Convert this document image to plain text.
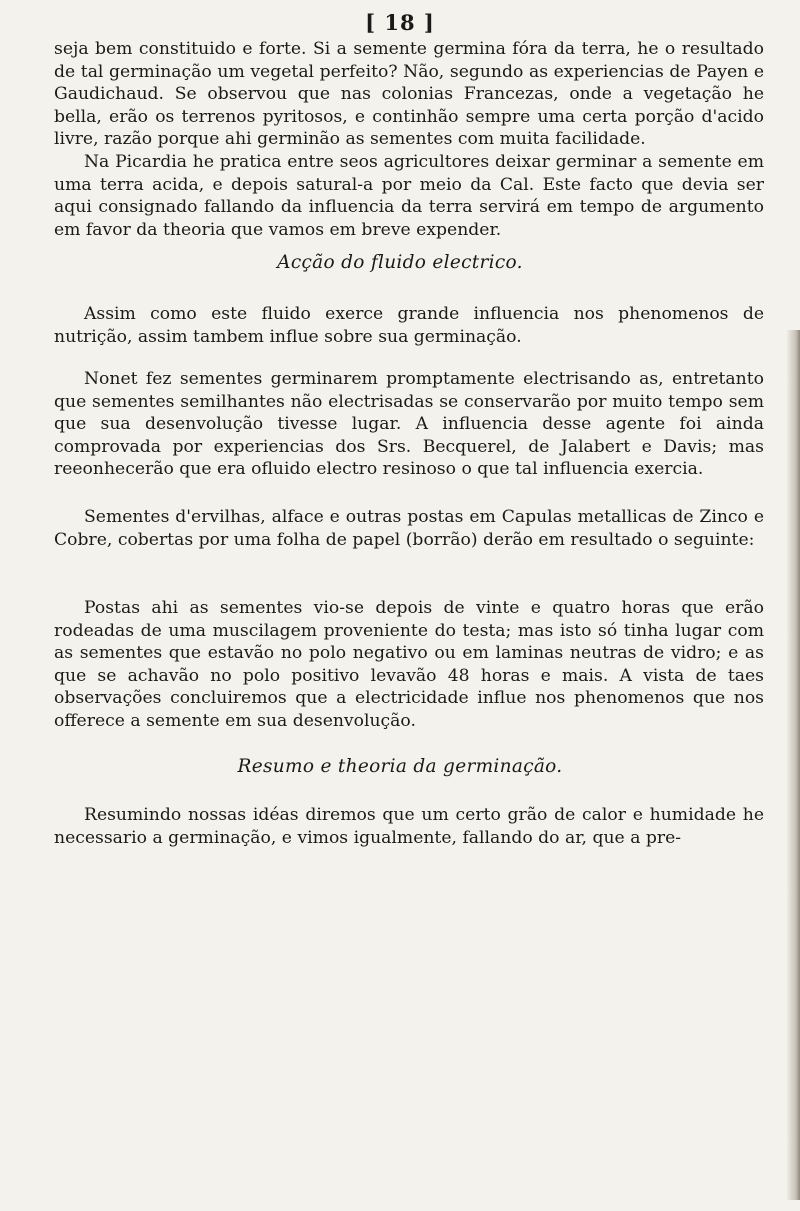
[ 18 ]

seja bem constituido e forte. Si a semente germina fóra da terra, he o resultado de tal germinação um vegetal perfeito? Não, segundo as experiencias de Payen e Gaudichaud. Se observou que nas colonias Francezas, onde a vegetação he bella, erão os terrenos pyritosos, e continhão sempre uma certa porção d'acido livre, razão porque ahi germinão as sementes com muita facilidade.

Na Picardia he pratica entre seos agricultores deixar germinar a semente em uma terra acida, e depois satural-a por meio da Cal. Este facto que devia ser aqui consignado fallando da influencia da terra servirá em tempo de argumento em favor da theoria que vamos em breve expender.

Acção do fluido electrico.

Assim como este fluido exerce grande influencia nos phenomenos de nutrição, assim tambem influe sobre sua germinação.

Nonet fez sementes germinarem promptamente electrisando as, entretanto que sementes semilhantes não electrisadas se conservarão por muito tempo sem que sua desenvolução tivesse lugar. A influencia desse agente foi ainda comprovada por experiencias dos Srs. Becquerel, de Jalabert e Davis; mas reeonhecerão que era ofluido electro resinoso o que tal influencia exercia.

Sementes d'ervilhas, alface e outras postas em Capulas metallicas de Zinco e Cobre, cobertas por uma folha de papel (borrão) derão em resultado o seguinte:

Postas ahi as sementes vio-se depois de vinte e quatro horas que erão rodeadas de uma muscilagem proveniente do testa; mas isto só tinha lugar com as sementes que estavão no polo negativo ou em laminas neutras de vidro; e as que se achavão no polo positivo levavão 48 horas e mais. A vista de taes observações concluiremos que a electricidade influe nos phenomenos que nos offerece a semente em sua desenvolução.

Resumo e theoria da germinação.

Resumindo nossas idéas diremos que um certo grão de calor e humidade he necessario a germinação, e vimos igualmente, fallando do ar, que a pre-
